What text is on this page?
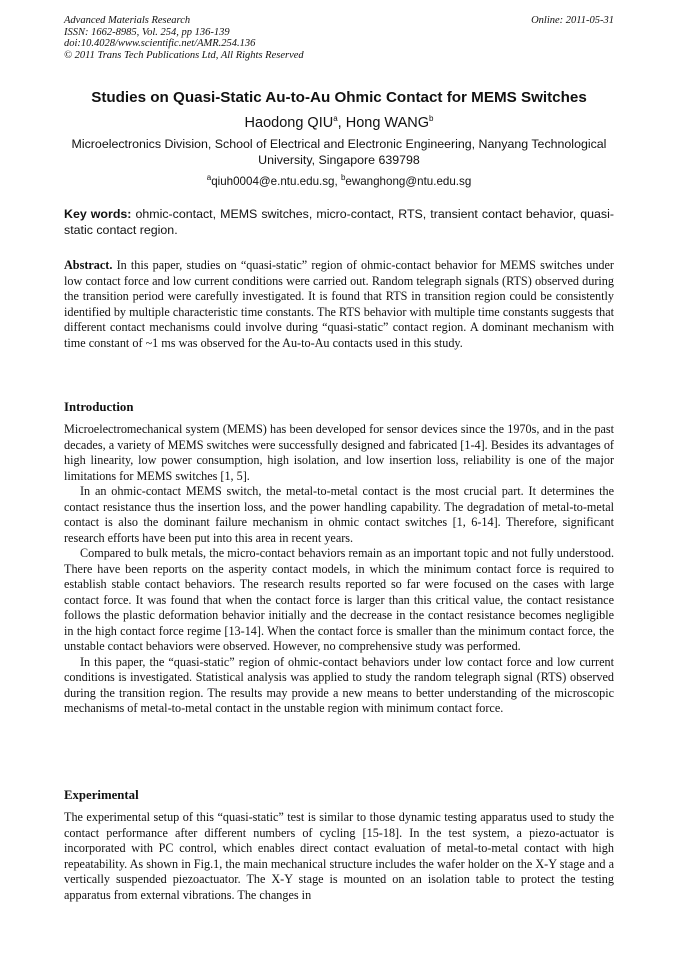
Advanced Materials Research
ISSN: 1662-8985, Vol. 254, pp 136-139
doi:10.4028/www.scientific.net/AMR.254.136
© 2011 Trans Tech Publications Ltd, All Rights Reserved
Online: 2011-05-31
Studies on Quasi-Static Au-to-Au Ohmic Contact for MEMS Switches
Haodong QIU$^a$, Hong WANG$^b$
Microelectronics Division, School of Electrical and Electronic Engineering, Nanyang Technological University, Singapore 639798
$^a$qiuh0004@e.ntu.edu.sg, $^b$ewanghong@ntu.edu.sg
Key words: ohmic-contact, MEMS switches, micro-contact, RTS, transient contact behavior, quasi-static contact region.
Abstract. In this paper, studies on “quasi-static” region of ohmic-contact behavior for MEMS switches under low contact force and low current conditions were carried out. Random telegraph signals (RTS) observed during the transition period were carefully investigated. It is found that RTS in transition region could be consistently identified by multiple characteristic time constants. The RTS behavior with multiple time constants suggests that different contact mechanisms could involve during “quasi-static” contact region. A dominant mechanism with time constant of ~1 ms was observed for the Au-to-Au contacts used in this study.
Introduction

Microelectromechanical system (MEMS) has been developed for sensor devices since the 1970s, and in the past decades, a variety of MEMS switches were successfully designed and fabricated [1-4]. Besides its advantages of high linearity, low power consumption, high isolation, and low insertion loss, reliability is one of the major limitations for MEMS switches [1, 5].

In an ohmic-contact MEMS switch, the metal-to-metal contact is the most crucial part. It determines the contact resistance thus the insertion loss, and the power handling capability. The degradation of metal-to-metal contact is also the dominant failure mechanism in ohmic contact switches [1, 6-14]. Therefore, significant research efforts have been put into this area in recent years.

Compared to bulk metals, the micro-contact behaviors remain as an important topic and not fully understood. There have been reports on the asperity contact models, in which the minimum contact force is required to establish stable contact behaviors. The research results reported so far were focused on the cases with large contact force. It was found that when the contact force is larger than this critical value, the contact resistance follows the plastic deformation behavior initially and the decrease in the contact resistance becomes negligible in the high contact force regime [13-14]. When the contact force is smaller than the minimum contact force, the unstable contact behaviors were observed. However, no comprehensive study was performed.

In this paper, the “quasi-static” region of ohmic-contact behaviors under low contact force and low current conditions is investigated. Statistical analysis was applied to study the random telegraph signal (RTS) observed during the transition region. The results may provide a new means to better understanding of the microscopic mechanisms of metal-to-metal contact in the unstable region with minimum contact force.

Experimental

The experimental setup of this “quasi-static” test is similar to those dynamic testing apparatus used to study the contact performance after different numbers of cycling [15-18]. In the test system, a piezo-actuator is incorporated with PC control, which enables direct contact evaluation of metal-to-metal contact with high repeatability. As shown in Fig.1, the main mechanical structure includes the wafer holder on the X-Y stage and a vertically suspended piezoactuator. The X-Y stage is mounted on an isolation table to protect the testing apparatus from external vibrations. The changes in
